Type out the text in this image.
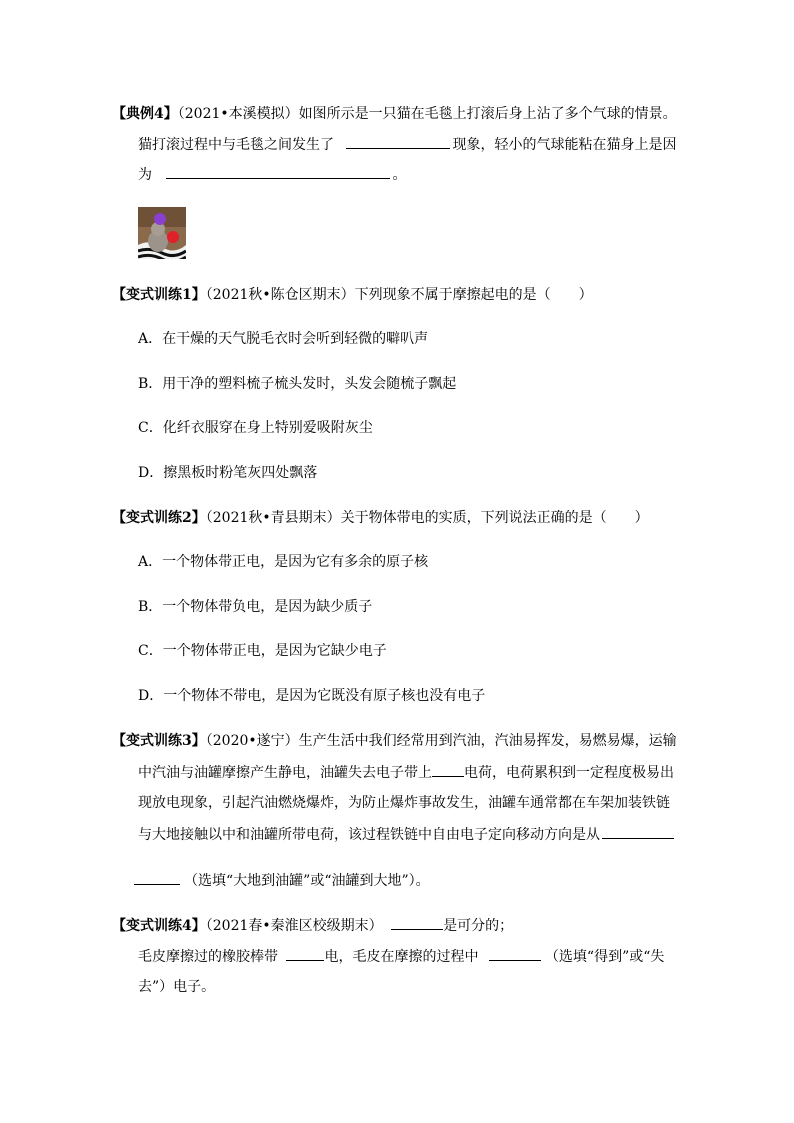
【典例4】（2021•本溪模拟）如图所示是一只猫在毛毯上打滚后身上沾了多个气球的情景。
猫打滚过程中与毛毯之间发生了	现象，轻小的气球能粘在猫身上是因
为	。
【变式训练1】（2021秋•陈仓区期末）下列现象不属于摩擦起电的是（　　）
A．在干燥的天气脱毛衣时会听到轻微的噼叭声
B．用干净的塑料梳子梳头发时，头发会随梳子飘起
C．化纤衣服穿在身上特别爱吸附灰尘
D．擦黑板时粉笔灰四处飘落
【变式训练2】（2021秋•青县期末）关于物体带电的实质，下列说法正确的是（　　）
A．一个物体带正电，是因为它有多余的原子核
B．一个物体带负电，是因为缺少质子
C．一个物体带正电，是因为它缺少电子
D．一个物体不带电，是因为它既没有原子核也没有电子
【变式训练3】（2020•遂宁）生产生活中我们经常用到汽油，汽油易挥发，易燃易爆，运输
中汽油与油罐摩擦产生静电，油罐失去电子带上 电荷，电荷累积到一定程度极易出
现放电现象，引起汽油燃烧爆炸，为防止爆炸事故发生，油罐车通常都在车架加装铁链
与大地接触以中和油罐所带电荷，该过程铁链中自由电子定向移动方向是从
（选填“大地到油罐”或“油罐到大地”）。
【变式训练4】（2021春•秦淮区校级期末）	是可分的；
毛皮摩擦过的橡胶棒带	电，毛皮在摩擦的过程中	（选填“得到”或“失
去”）电子。
